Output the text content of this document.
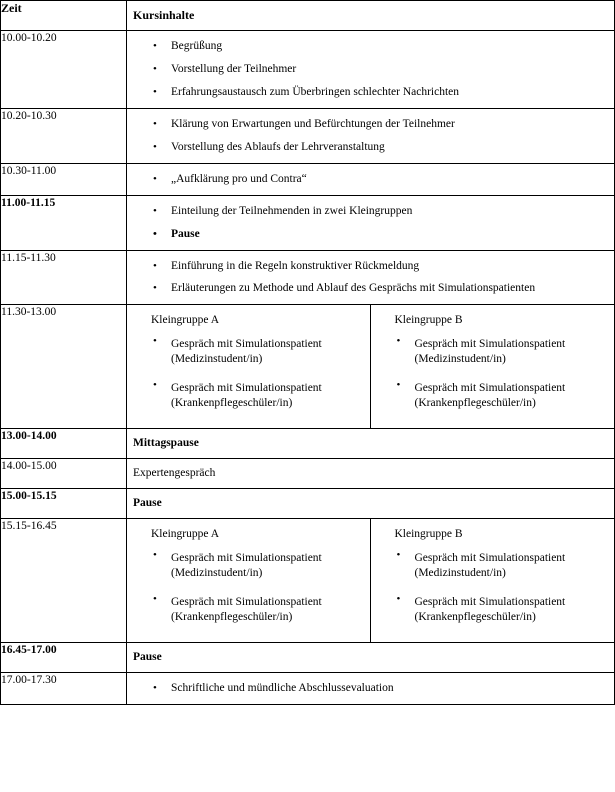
Zeit	Kursinhalte

10.00-10.20	
• Begrüßung
• Vorstellung der Teilnehmer
• Erfahrungsaustausch zum Überbringen schlechter Nachrichten

10.20-10.30	
• Klärung von Erwartungen und Befürchtungen der Teilnehmer
• Vorstellung des Ablaufs der Lehrveranstaltung

10.30-11.00	
• „Aufklärung pro und Contra“

11.00-11.15	
• Einteilung der Teilnehmenden in zwei Kleingruppen
• Pause

11.15-11.30	
• Einführung in die Regeln konstruktiver Rückmeldung
• Erläuterungen zu Methode und Ablauf des Gesprächs mit Simulationspatienten

11.30-13.00	
Kleingruppe A
• Gespräch mit Simulationspatient
(Medizinstudent/in)
• Gespräch mit Simulationspatient
(Krankenpflegeschüler/in)
Kleingruppe B
• Gespräch mit Simulationspatient
(Medizinstudent/in)
• Gespräch mit Simulationspatient
(Krankenpflegeschüler/in)

13.00-14.00	Mittagspause

14.00-15.00	Expertengespräch

15.00-15.15	Pause

15.15-16.45	
Kleingruppe A
• Gespräch mit Simulationspatient
(Medizinstudent/in)
• Gespräch mit Simulationspatient
(Krankenpflegeschüler/in)
Kleingruppe B
• Gespräch mit Simulationspatient
(Medizinstudent/in)
• Gespräch mit Simulationspatient
(Krankenpflegeschüler/in)

16.45-17.00	Pause

17.00-17.30	
• Schriftliche und mündliche Abschlussevaluation
